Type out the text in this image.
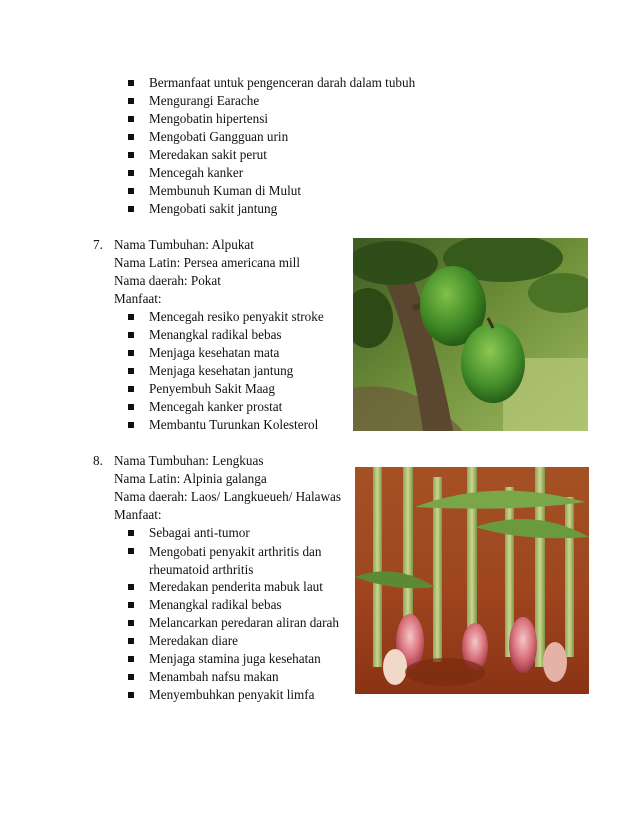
Bermanfaat untuk pengenceran darah dalam tubuh
Mengurangi Earache
Mengobatin hipertensi
Mengobati Gangguan urin
Meredakan sakit perut
Mencegah kanker
Membunuh Kuman di Mulut
Mengobati sakit jantung
7. Nama Tumbuhan: Alpukat
Nama Latin: Persea americana mill
Nama daerah: Pokat
Manfaat:
Mencegah resiko penyakit stroke
Menangkal radikal bebas
Menjaga kesehatan mata
Menjaga kesehatan jantung
Penyembuh Sakit Maag
Mencegah kanker prostat
Membantu Turunkan Kolesterol
8. Nama Tumbuhan: Lengkuas
Nama Latin: Alpinia galanga
Nama daerah: Laos/ Langkueueh/ Halawas
Manfaat:
Sebagai anti-tumor
Mengobati penyakit arthritis dan rheumatoid arthritis
Meredakan penderita mabuk laut
Menangkal radikal bebas
Melancarkan peredaran aliran darah
Meredakan diare
Menjaga stamina juga kesehatan
Menambah nafsu makan
Menyembuhkan penyakit limfa
